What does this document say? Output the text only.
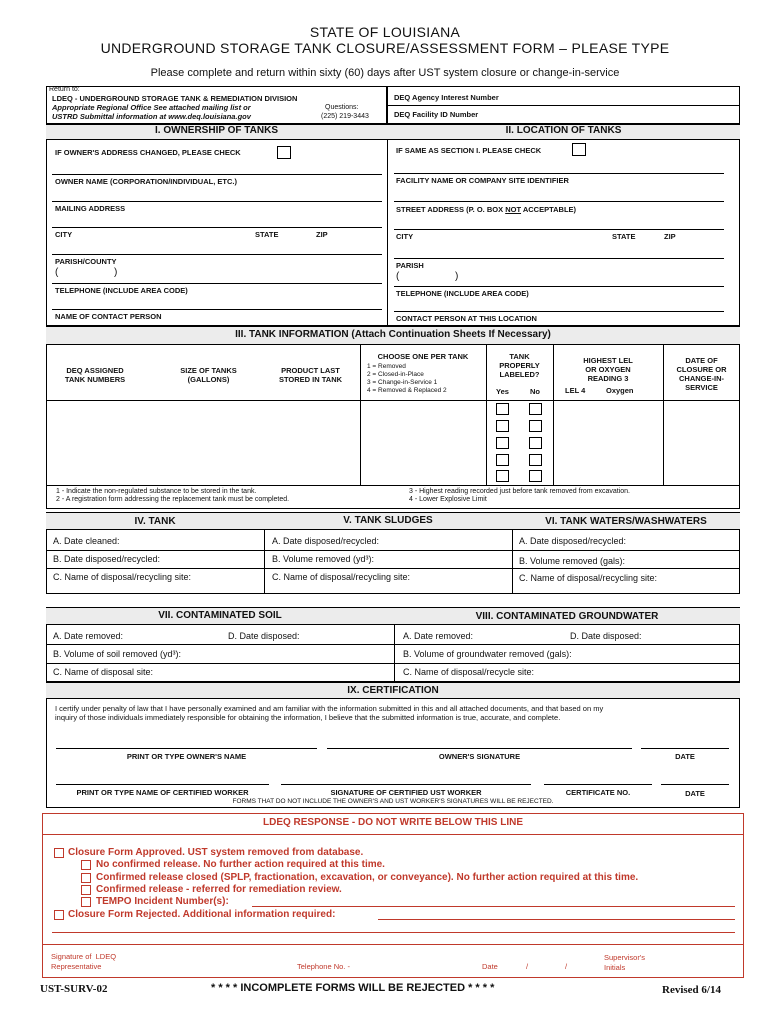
STATE OF LOUISIANA
UNDERGROUND STORAGE TANK CLOSURE/ASSESSMENT FORM – PLEASE TYPE
Please complete and return within sixty (60) days after UST system closure or change-in-service
Return to:
LDEQ - UNDERGROUND STORAGE TANK & REMEDIATION DIVISION
Appropriate Regional Office See attached mailing list or
USTRD Submittal information at www.deq.louisiana.gov
Questions:
(225) 219-3443
DEQ Agency Interest Number
DEQ Facility ID Number
I. OWNERSHIP OF TANKS	II. LOCATION OF TANKS
IF OWNER'S ADDRESS CHANGED, PLEASE CHECK
OWNER NAME (CORPORATION/INDIVIDUAL, ETC.)
MAILING ADDRESS
CITY	STATE	ZIP
PARISH/COUNTY
(	)
TELEPHONE (INCLUDE AREA CODE)
NAME OF CONTACT PERSON
IF SAME AS SECTION I. PLEASE CHECK
FACILITY NAME OR COMPANY SITE IDENTIFIER
STREET ADDRESS (P. O. BOX NOT ACCEPTABLE)
CITY	STATE	ZIP
PARISH
(	)
TELEPHONE (INCLUDE AREA CODE)
CONTACT PERSON AT THIS LOCATION
III. TANK INFORMATION (Attach Continuation Sheets If Necessary)
DEQ ASSIGNED
TANK NUMBERS
SIZE OF TANKS
(GALLONS)
PRODUCT LAST
STORED IN TANK
CHOOSE ONE PER TANK
1 = Removed
2 = Closed-in-Place
3 = Change-in-Service 1
4 = Removed & Replaced 2
TANK
PROPERLY
LABELED?
Yes	No
HIGHEST LEL
OR OXYGEN
READING 3
LEL 4	Oxygen
DATE OF
CLOSURE OR
CHANGE-IN-
SERVICE
1 - Indicate the non-regulated substance to be stored in the tank.
2 - A registration form addressing the replacement tank must be completed.
3 - Highest reading recorded just before tank removed from excavation.
4 - Lower Explosive Limit
IV. TANK	V. TANK SLUDGES	VI. TANK WATERS/WASHWATERS
A. Date cleaned:
B. Date disposed/recycled:
C. Name of disposal/recycling site:
A. Date disposed/recycled:
B. Volume removed (yd³):
C. Name of disposal/recycling site:
A. Date disposed/recycled:
B. Volume removed (gals):
C. Name of disposal/recycling site:
VII. CONTAMINATED SOIL	VIII. CONTAMINATED GROUNDWATER
A. Date removed:	D. Date disposed:
B. Volume of soil removed (yd³):
C. Name of disposal site:
A. Date removed:	D. Date disposed:
B. Volume of groundwater removed (gals):
C. Name of disposal/recycle site:
IX. CERTIFICATION
I certify under penalty of law that I have personally examined and am familiar with the information submitted in this and all attached documents, and that based on my
inquiry of those individuals immediately responsible for obtaining the information, I believe that the submitted information is true, accurate, and complete.
PRINT OR TYPE OWNER'S NAME	OWNER'S SIGNATURE	DATE
PRINT OR TYPE NAME OF CERTIFIED WORKER	SIGNATURE OF CERTIFIED UST WORKER	CERTIFICATE NO.	DATE
FORMS THAT DO NOT INCLUDE THE OWNER'S AND UST WORKER'S SIGNATURES WILL BE REJECTED.
LDEQ RESPONSE - DO NOT WRITE BELOW THIS LINE
Closure Form Approved. UST system removed from database.
No confirmed release. No further action required at this time.
Confirmed release closed (SPLP, fractionation, excavation, or conveyance). No further action required at this time.
Confirmed release - referred for remediation review.
TEMPO Incident Number(s):
Closure Form Rejected. Additional information required:
Signature of  LDEQ
Representative	Telephone No. -	Date	/	/
Supervisor's
Initials
UST-SURV-02	* * * * INCOMPLETE FORMS WILL BE REJECTED * * * *	Revised 6/14
